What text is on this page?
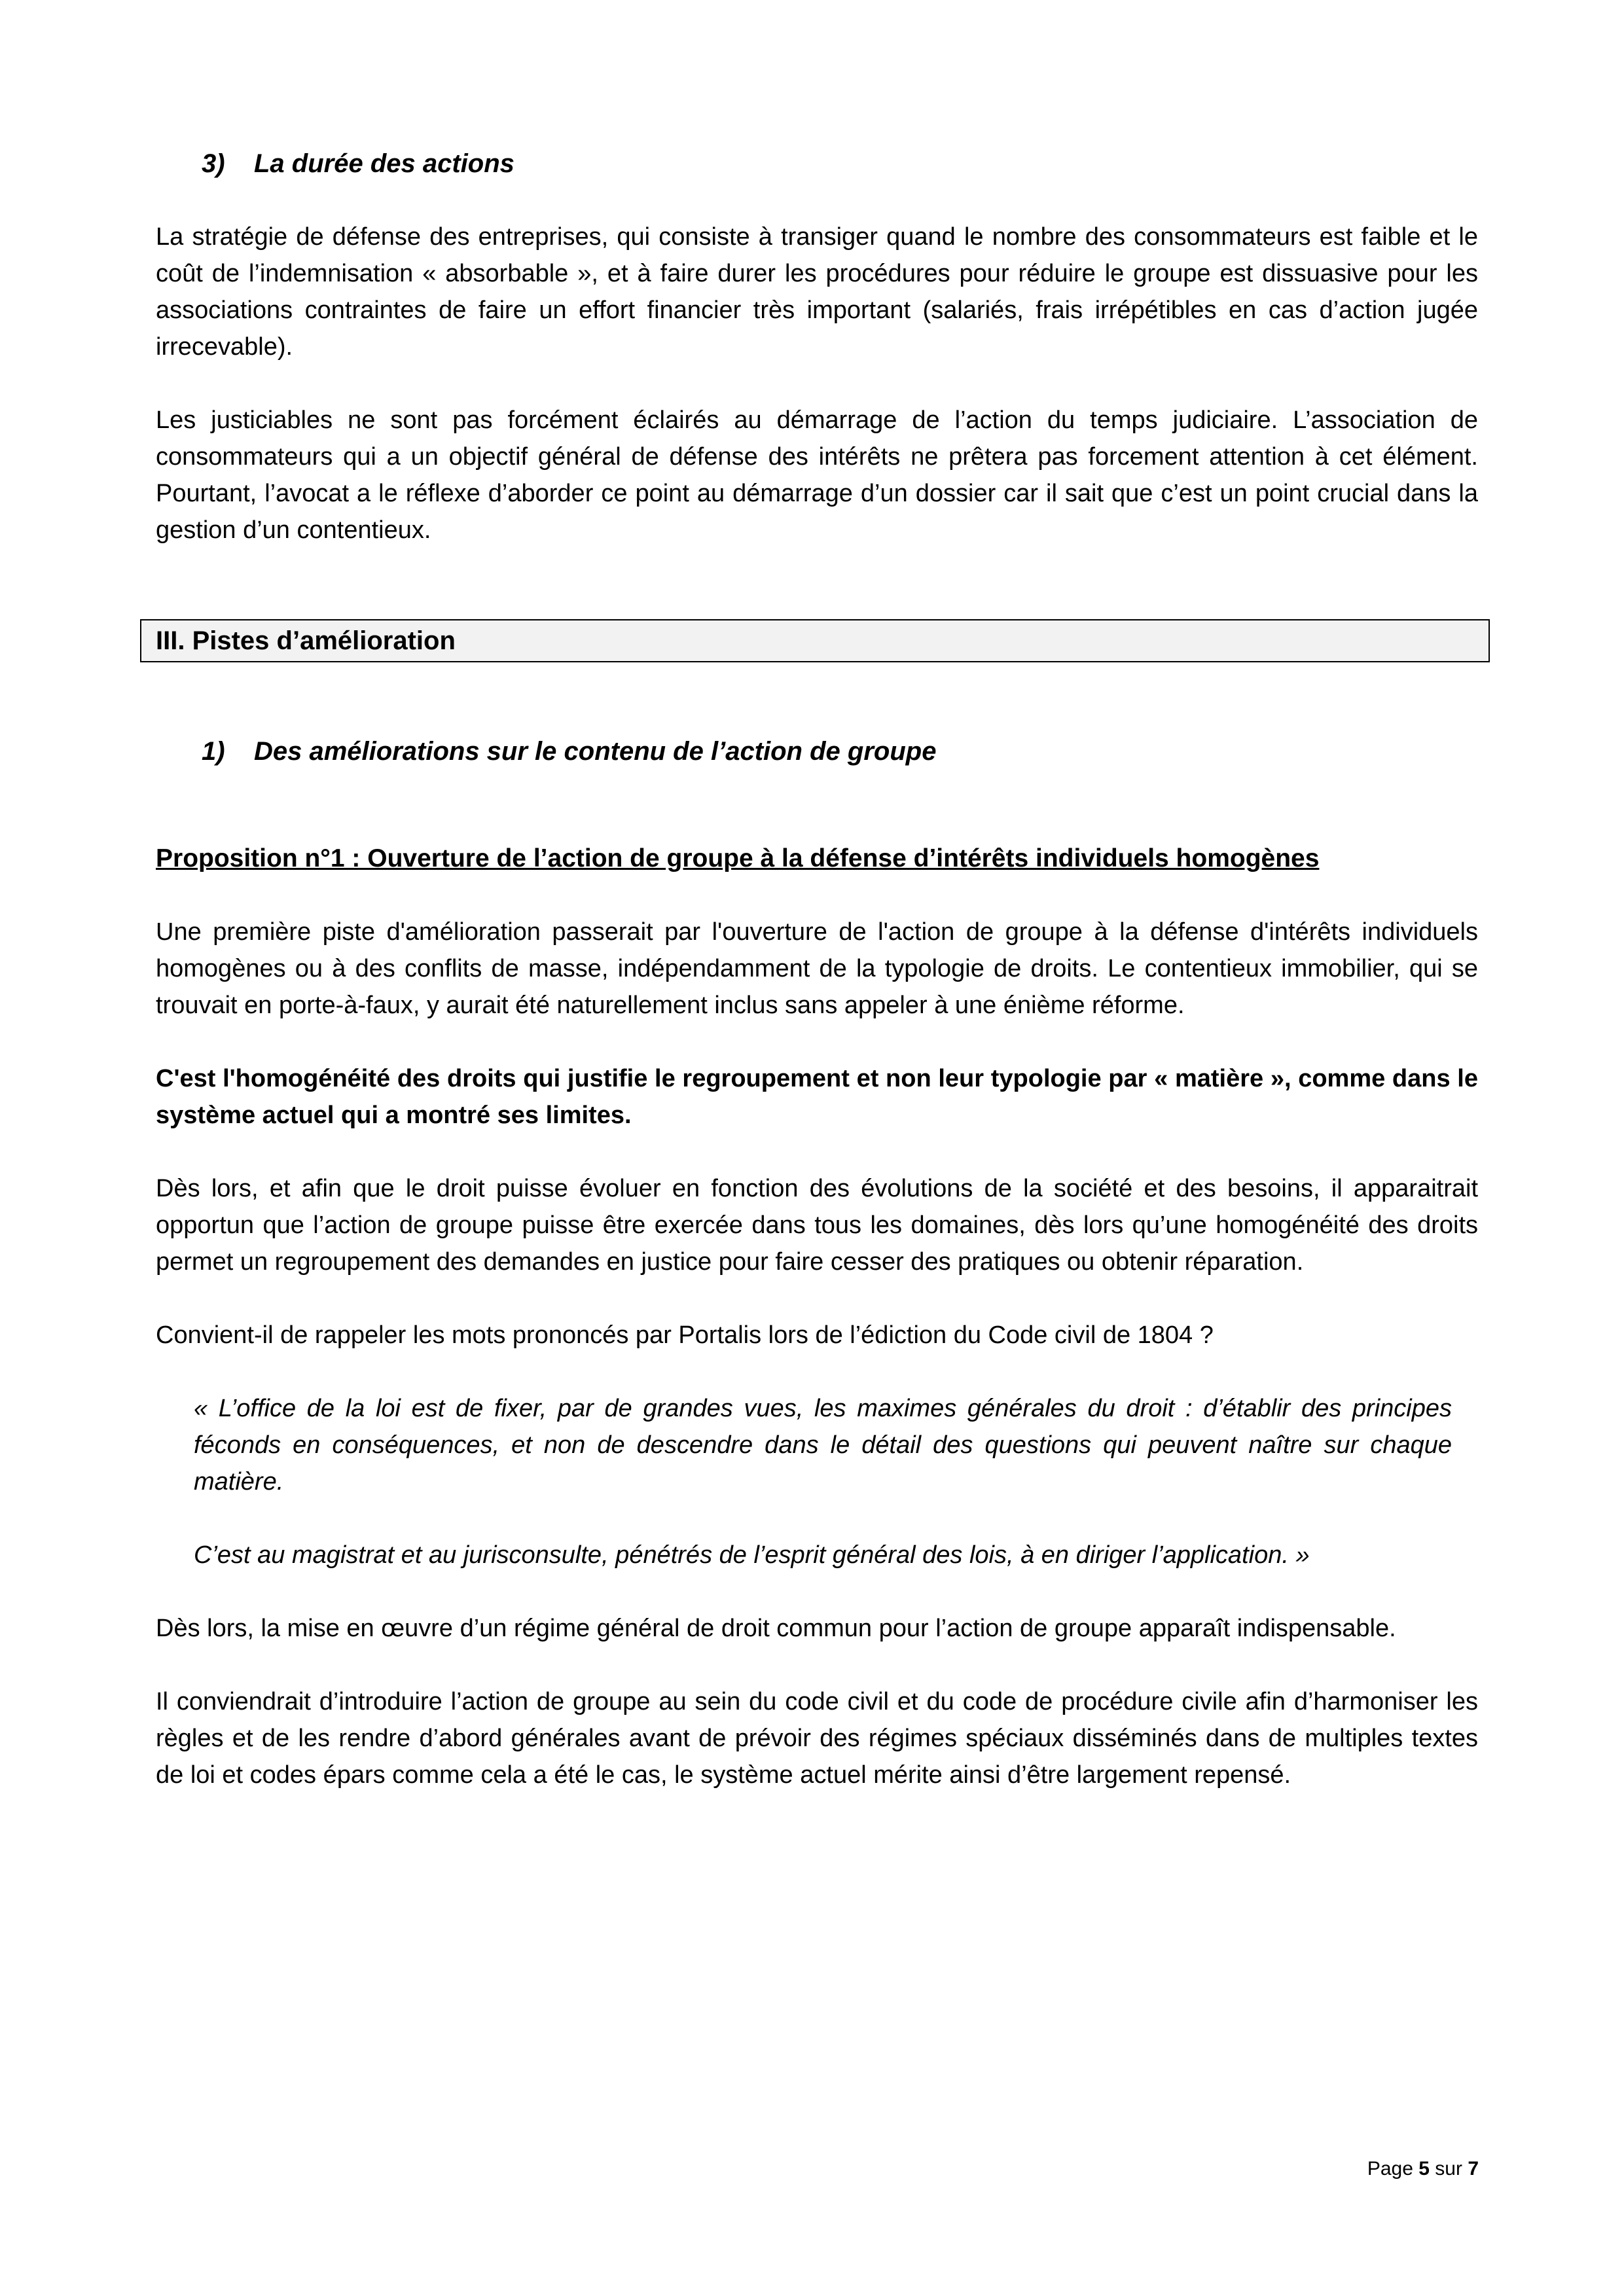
3) La durée des actions

La stratégie de défense des entreprises, qui consiste à transiger quand le nombre des consommateurs est faible et le coût de l’indemnisation « absorbable », et à faire durer les procédures pour réduire le groupe est dissuasive pour les associations contraintes de faire un effort financier très important (salariés, frais irrépétibles en cas d’action jugée irrecevable).

Les justiciables ne sont pas forcément éclairés au démarrage de l’action du temps judiciaire. L’association de consommateurs qui a un objectif général de défense des intérêts ne prêtera pas forcement attention à cet élément. Pourtant, l’avocat a le réflexe d’aborder ce point au démarrage d’un dossier car il sait que c’est un point crucial dans la gestion d’un contentieux.

III. Pistes d’amélioration
1) Des améliorations sur le contenu de l’action de groupe

Proposition n°1 : Ouverture de l’action de groupe à la défense d’intérêts individuels homogènes

Une première piste d'amélioration passerait par l'ouverture de l'action de groupe à la défense d'intérêts individuels homogènes ou à des conflits de masse, indépendamment de la typologie de droits. Le contentieux immobilier, qui se trouvait en porte-à-faux, y aurait été naturellement inclus sans appeler à une énième réforme.

C'est l'homogénéité des droits qui justifie le regroupement et non leur typologie par « matière », comme dans le système actuel qui a montré ses limites.

Dès lors, et afin que le droit puisse évoluer en fonction des évolutions de la société et des besoins, il apparaitrait opportun que l’action de groupe puisse être exercée dans tous les domaines, dès lors qu’une homogénéité des droits permet un regroupement des demandes en justice pour faire cesser des pratiques ou obtenir réparation.

Convient-il de rappeler les mots prononcés par Portalis lors de l’édiction du Code civil de 1804 ?

« L’office de la loi est de fixer, par de grandes vues, les maximes générales du droit : d’établir des principes féconds en conséquences, et non de descendre dans le détail des questions qui peuvent naître sur chaque matière.

C’est au magistrat et au jurisconsulte, pénétrés de l’esprit général des lois, à en diriger l’application. »

Dès lors, la mise en œuvre d’un régime général de droit commun pour l’action de groupe apparaît indispensable.

Il conviendrait d’introduire l’action de groupe au sein du code civil et du code de procédure civile afin d’harmoniser les règles et de les rendre d’abord générales avant de prévoir des régimes spéciaux disséminés dans de multiples textes de loi et codes épars comme cela a été le cas, le système actuel mérite ainsi d’être largement repensé.

Page 5 sur 7
